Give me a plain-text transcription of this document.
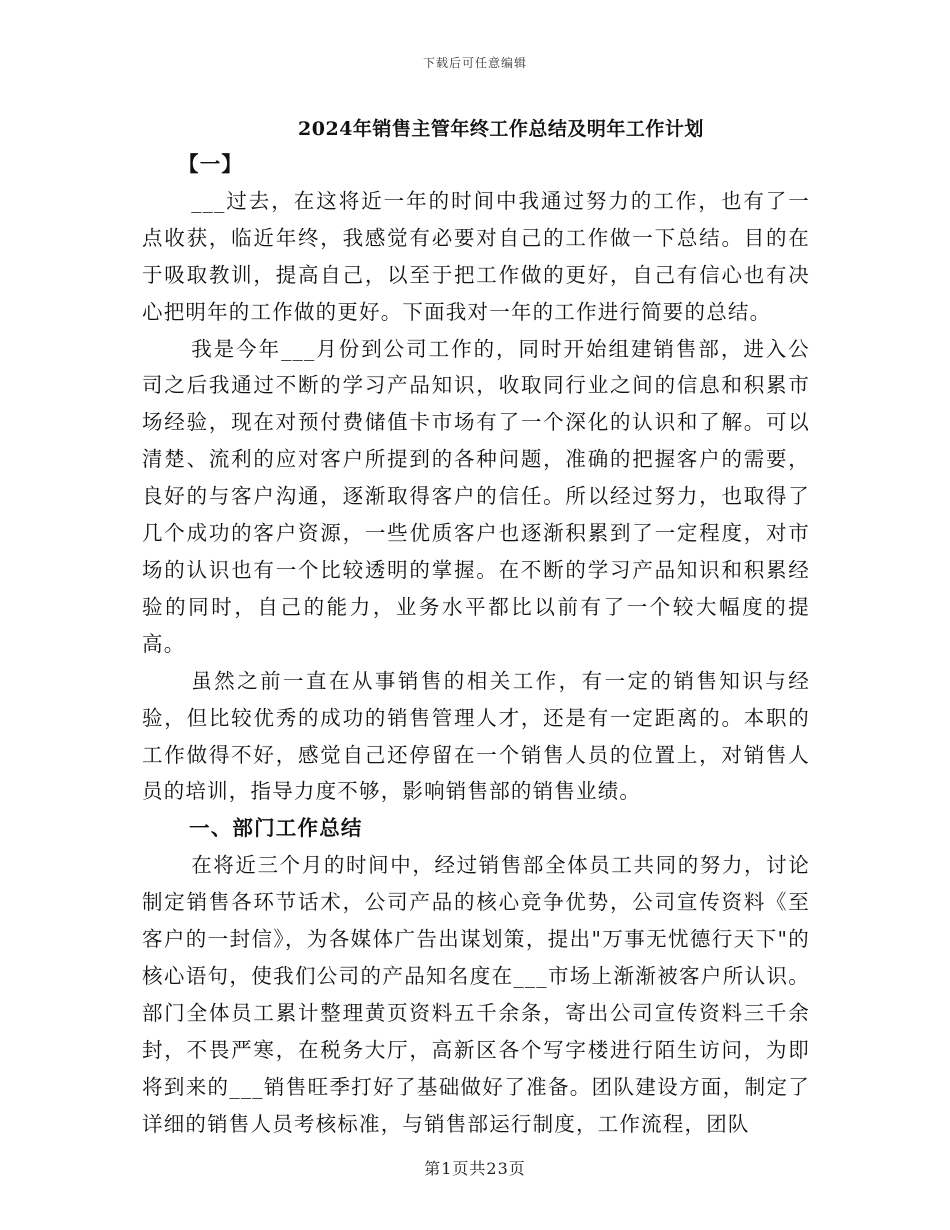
下载后可任意编辑
2024年销售主管年终工作总结及明年工作计划

【一】

___过去，在这将近一年的时间中我通过努力的工作，也有了一点收获，临近年终，我感觉有必要对自己的工作做一下总结。目的在于吸取教训，提高自己，以至于把工作做的更好，自己有信心也有决心把明年的工作做的更好。下面我对一年的工作进行简要的总结。

我是今年___月份到公司工作的，同时开始组建销售部，进入公司之后我通过不断的学习产品知识，收取同行业之间的信息和积累市场经验，现在对预付费储值卡市场有了一个深化的认识和了解。可以清楚、流利的应对客户所提到的各种问题，准确的把握客户的需要，良好的与客户沟通，逐渐取得客户的信任。所以经过努力，也取得了几个成功的客户资源，一些优质客户也逐渐积累到了一定程度，对市场的认识也有一个比较透明的掌握。在不断的学习产品知识和积累经验的同时，自己的能力，业务水平都比以前有了一个较大幅度的提高。

虽然之前一直在从事销售的相关工作，有一定的销售知识与经验，但比较优秀的成功的销售管理人才，还是有一定距离的。本职的工作做得不好，感觉自己还停留在一个销售人员的位置上，对销售人员的培训，指导力度不够，影响销售部的销售业绩。

一、部门工作总结

在将近三个月的时间中，经过销售部全体员工共同的努力，讨论制定销售各环节话术，公司产品的核心竞争优势，公司宣传资料《至客户的一封信》，为各媒体广告出谋划策，提出"万事无忧德行天下"的核心语句，使我们公司的产品知名度在___市场上渐渐被客户所认识。部门全体员工累计整理黄页资料五千余条，寄出公司宣传资料三千余封，不畏严寒，在税务大厅，高新区各个写字楼进行陌生访问，为即将到来的___销售旺季打好了基础做好了准备。团队建设方面，制定了详细的销售人员考核标准，与销售部运行制度，工作流程，团队

第1页共23页
